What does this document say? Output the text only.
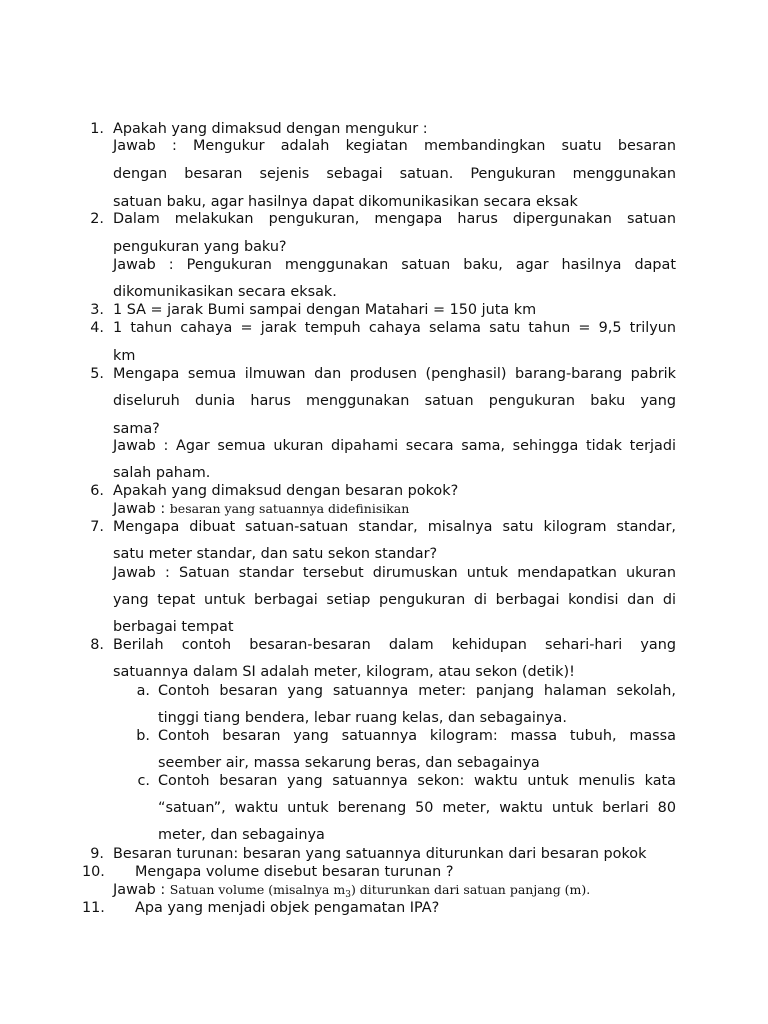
1. Apakah yang dimaksud dengan mengukur :
Jawab : Mengukur adalah kegiatan membandingkan suatu besaran
dengan besaran sejenis sebagai satuan. Pengukuran menggunakan
satuan baku, agar hasilnya dapat dikomunikasikan secara eksak
2. Dalam melakukan pengukuran, mengapa harus dipergunakan satuan
pengukuran yang baku?
Jawab : Pengukuran menggunakan satuan baku, agar hasilnya dapat
dikomunikasikan secara eksak.
3. 1 SA = jarak Bumi sampai dengan Matahari = 150 juta km
4. 1 tahun cahaya = jarak tempuh cahaya selama satu tahun = 9,5 trilyun
km
5. Mengapa semua ilmuwan dan produsen (penghasil) barang-barang pabrik
diseluruh dunia harus menggunakan satuan pengukuran baku yang
sama?
Jawab : Agar semua ukuran dipahami secara sama, sehingga tidak terjadi
salah paham.
6. Apakah yang dimaksud dengan besaran pokok?
Jawab : besaran yang satuannya didefinisikan
7. Mengapa dibuat satuan-satuan standar, misalnya satu kilogram standar,
satu meter standar, dan satu sekon standar?
Jawab : Satuan standar tersebut dirumuskan untuk mendapatkan ukuran
yang tepat untuk berbagai setiap pengukuran di berbagai kondisi dan di
berbagai tempat
8. Berilah contoh besaran-besaran dalam kehidupan sehari-hari yang
satuannya dalam SI adalah meter, kilogram, atau sekon (detik)!
a. Contoh besaran yang satuannya meter: panjang halaman sekolah,
tinggi tiang bendera, lebar ruang kelas, dan sebagainya.
b. Contoh besaran yang satuannya kilogram: massa tubuh, massa
seember air, massa sekarung beras, dan sebagainya
c. Contoh besaran yang satuannya sekon: waktu untuk menulis kata
“satuan”, waktu untuk berenang 50 meter, waktu untuk berlari 80
meter, dan sebagainya
9. Besaran turunan: besaran yang satuannya diturunkan dari besaran pokok
10. Mengapa volume disebut besaran turunan ?
Jawab : Satuan volume (misalnya $m_3$) diturunkan dari satuan panjang (m).
11. Apa yang menjadi objek pengamatan IPA?
